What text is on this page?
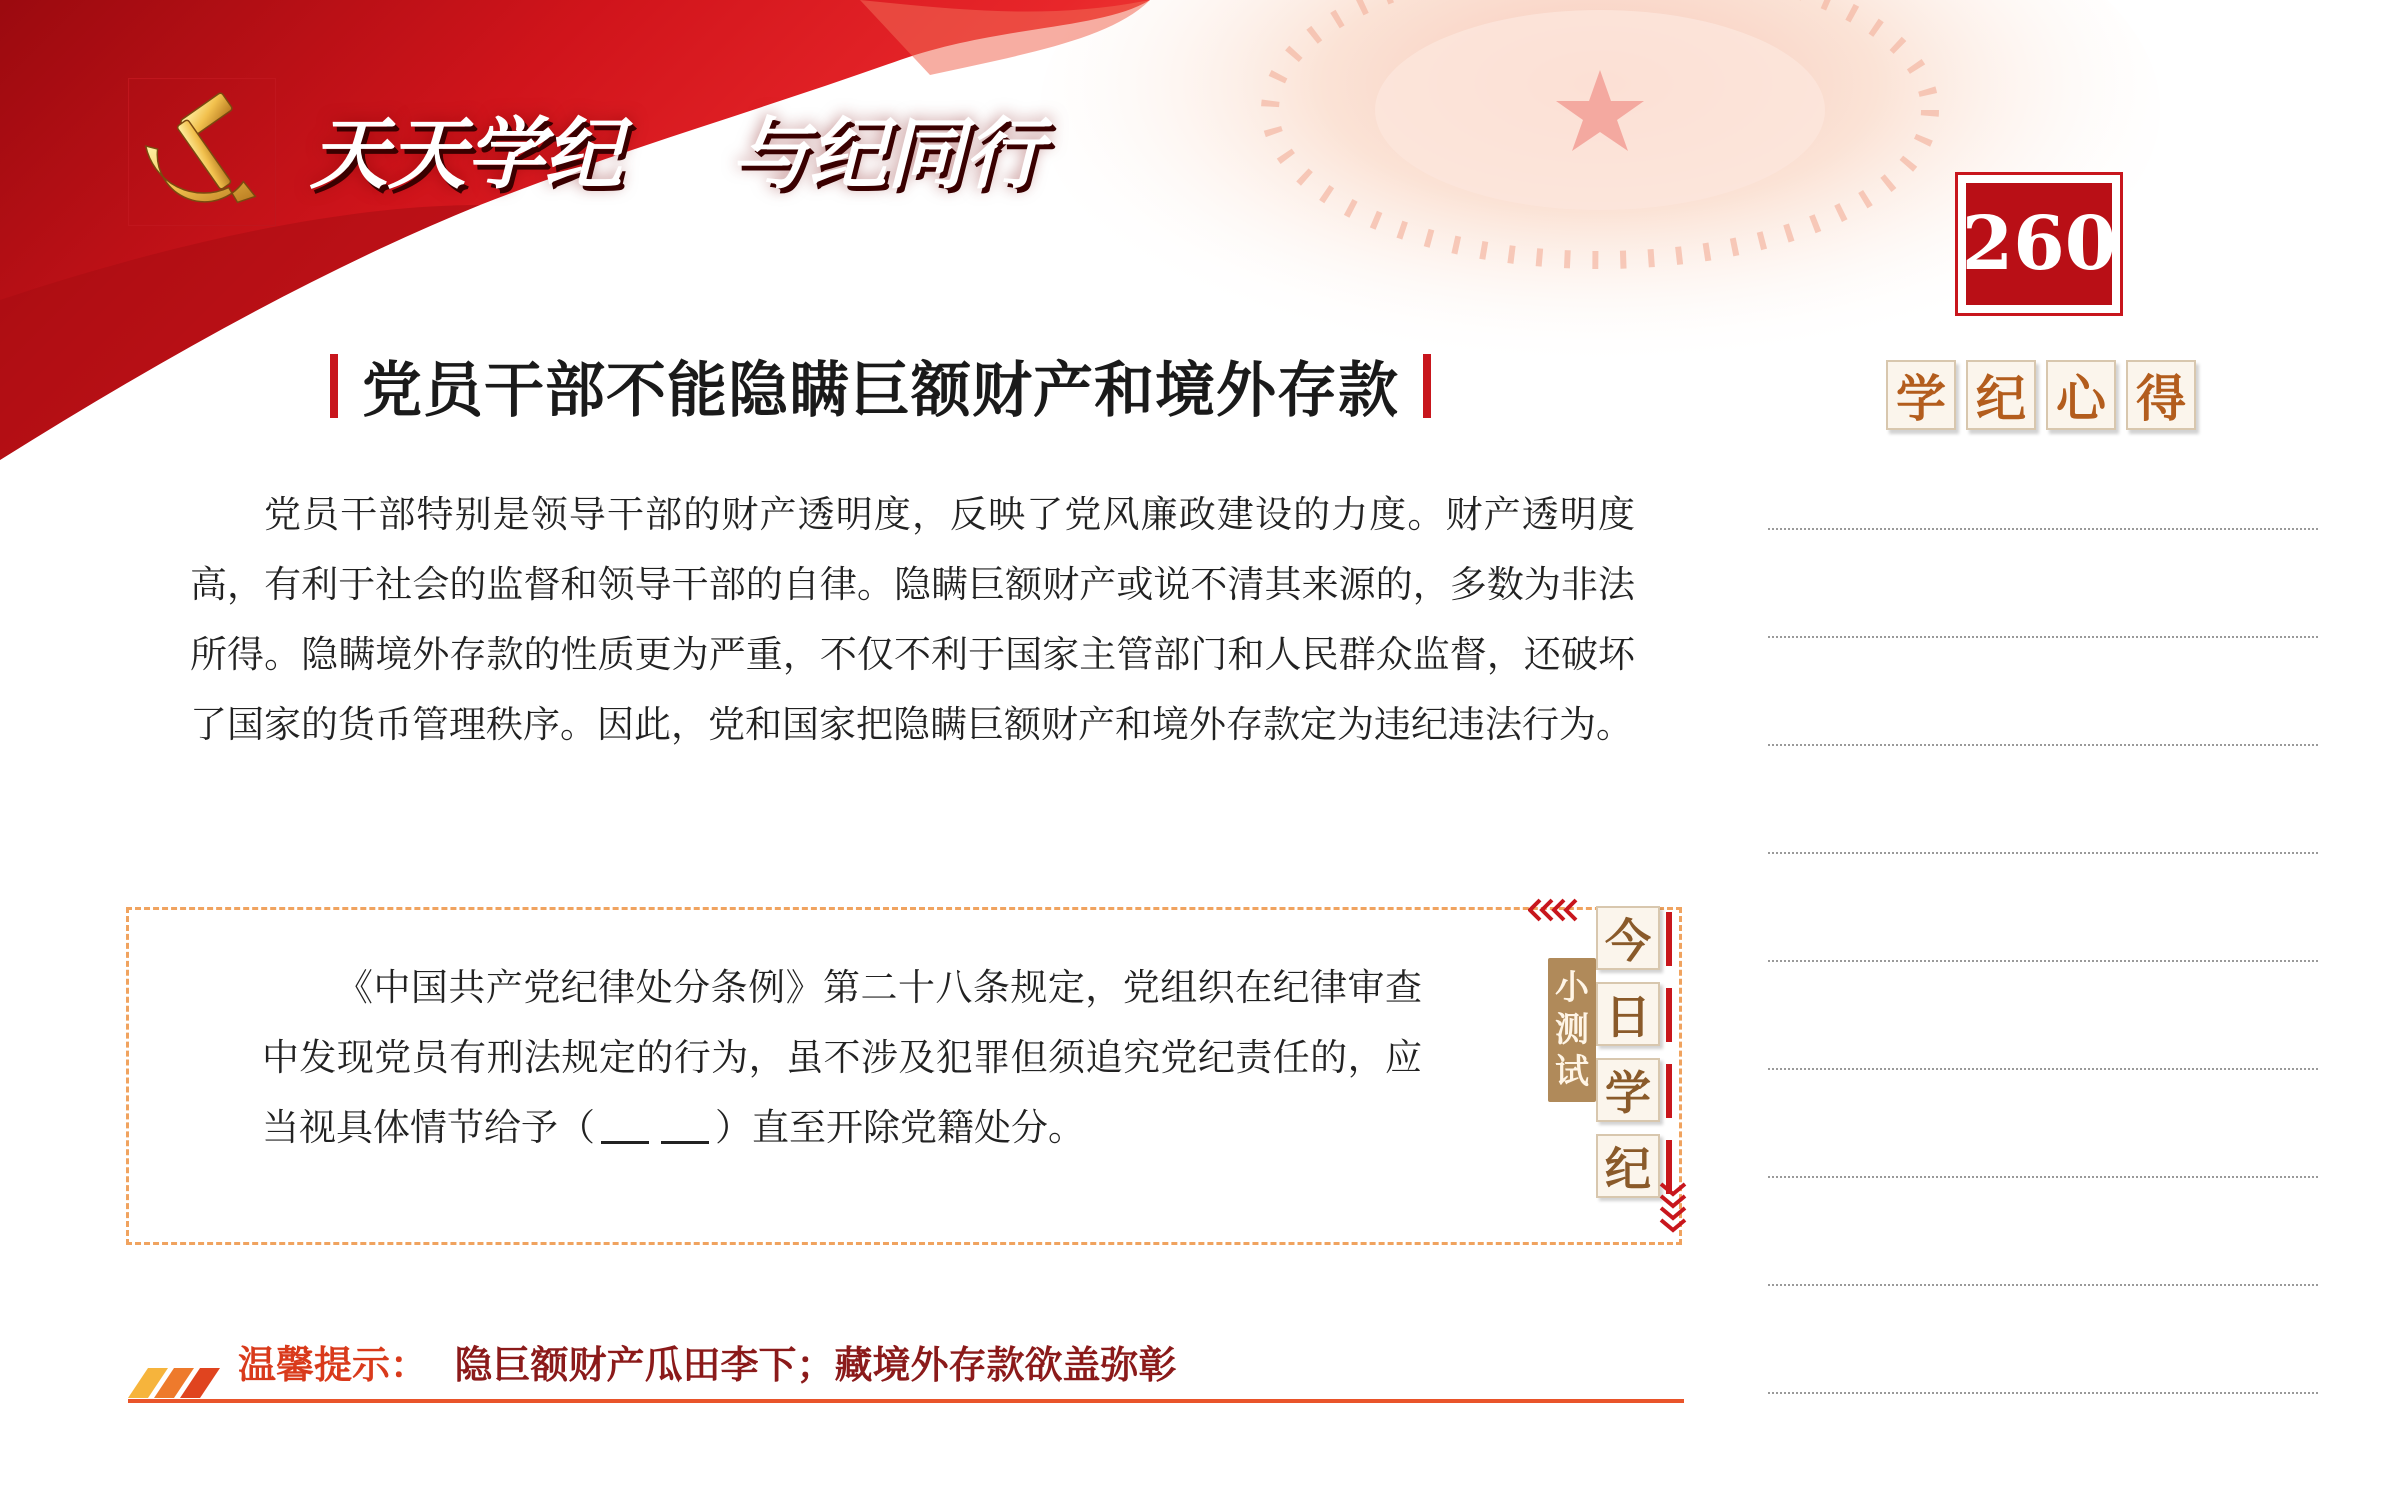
天天学纪    与纪同行

260
学 纪 心 得
党员干部不能隐瞒巨额财产和境外存款

党员干部特别是领导干部的财产透明度，反映了党风廉政建设的力度。财产透明度高，有利于社会的监督和领导干部的自律。隐瞒巨额财产或说不清其来源的，多数为非法所得。隐瞒境外存款的性质更为严重，不仅不利于国家主管部门和人民群众监督，还破坏了国家的货币管理秩序。因此，党和国家把隐瞒巨额财产和境外存款定为违纪违法行为。

小
测
试
今
日
学
纪

《中国共产党纪律处分条例》第二十八条规定，党组织在纪律审查中发现党员有刑法规定的行为，虽不涉及犯罪但须追究党纪责任的，应当视具体情节给予（	）直至开除党籍处分。

温馨提示： 隐巨额财产瓜田李下；藏境外存款欲盖弥彰
